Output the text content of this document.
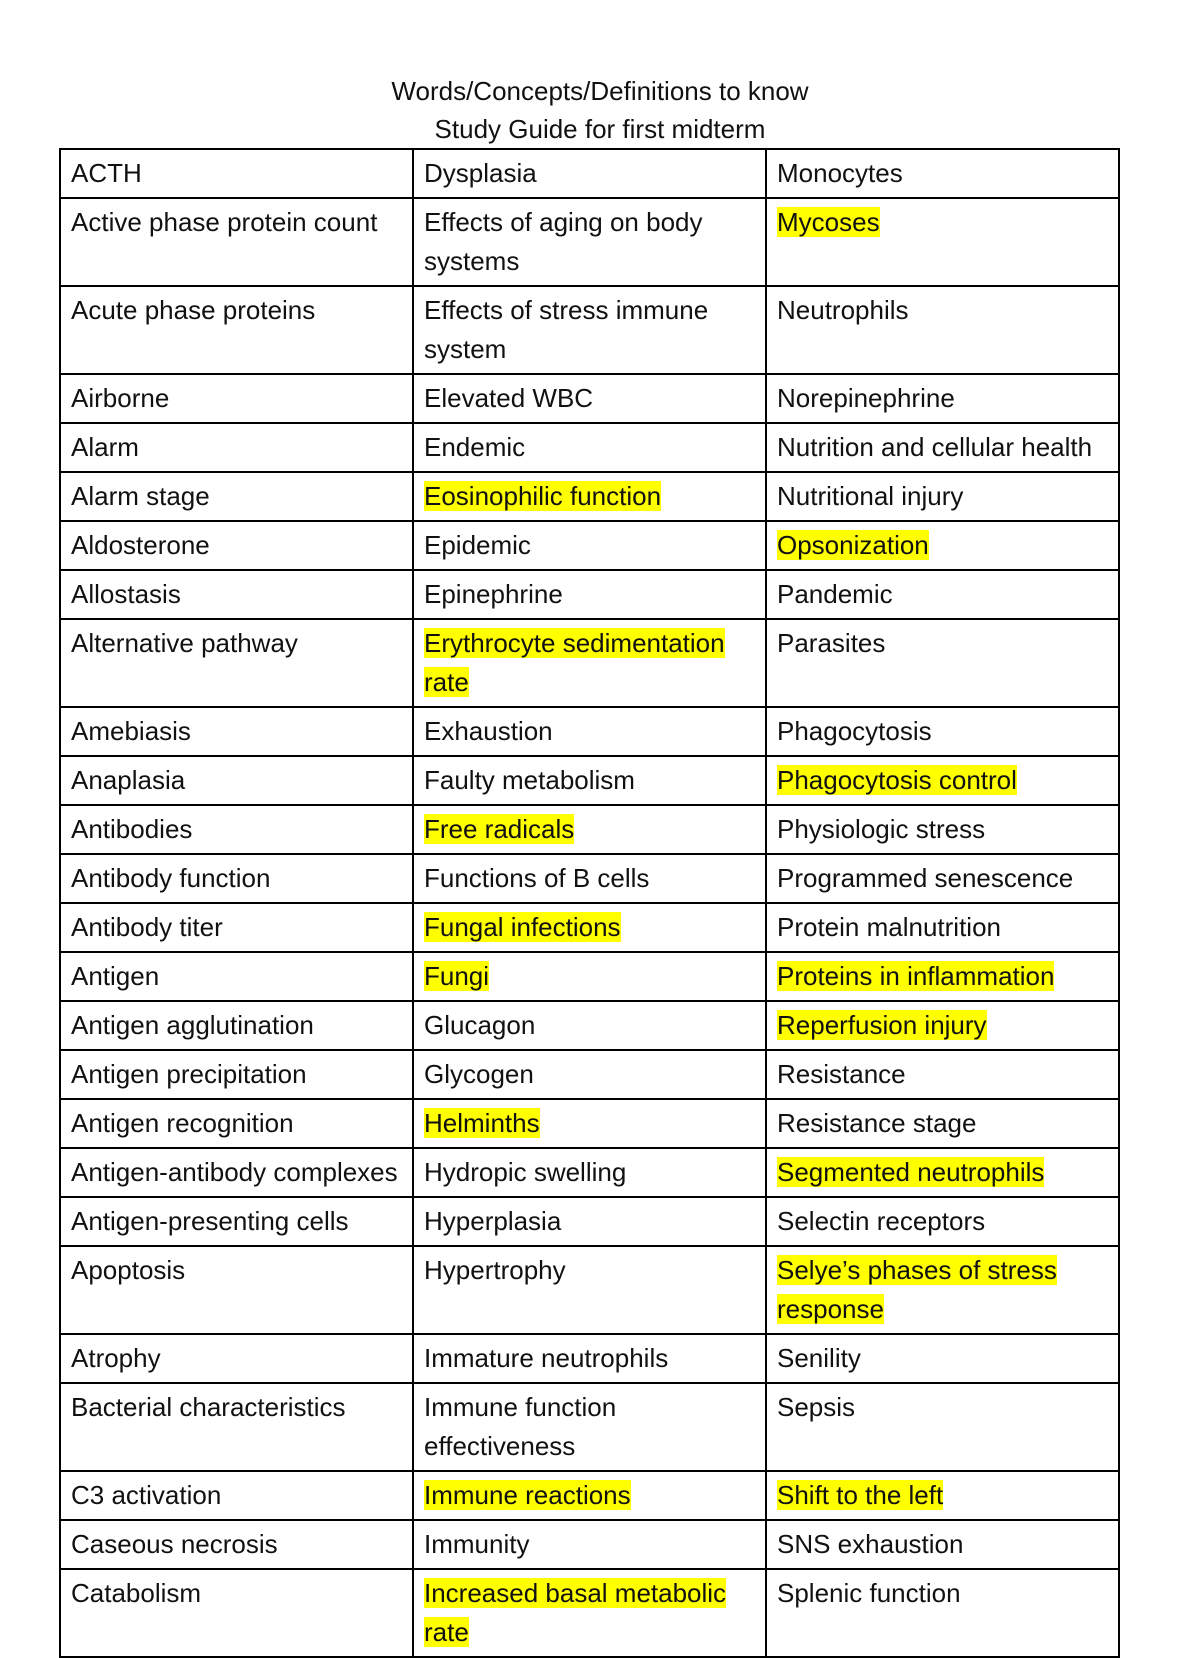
Words/Concepts/Definitions to know
Study Guide for first midterm
ACTH	Dysplasia	Monocytes
Active phase protein count	Effects of aging on body systems	Mycoses
Acute phase proteins	Effects of stress immune system	Neutrophils
Airborne	Elevated WBC	Norepinephrine
Alarm	Endemic	Nutrition and cellular health
Alarm stage	Eosinophilic function	Nutritional injury
Aldosterone	Epidemic	Opsonization
Allostasis	Epinephrine	Pandemic
Alternative pathway	Erythrocyte sedimentation rate	Parasites
Amebiasis	Exhaustion	Phagocytosis
Anaplasia	Faulty metabolism	Phagocytosis control
Antibodies	Free radicals	Physiologic stress
Antibody function	Functions of B cells	Programmed senescence
Antibody titer	Fungal infections	Protein malnutrition
Antigen	Fungi	Proteins in inflammation
Antigen agglutination	Glucagon	Reperfusion injury
Antigen precipitation	Glycogen	Resistance
Antigen recognition	Helminths	Resistance stage
Antigen-antibody complexes	Hydropic swelling	Segmented neutrophils
Antigen-presenting cells	Hyperplasia	Selectin receptors
Apoptosis	Hypertrophy	Selye’s phases of stress response
Atrophy	Immature neutrophils	Senility
Bacterial characteristics	Immune function effectiveness	Sepsis
C3 activation	Immune reactions	Shift to the left
Caseous necrosis	Immunity	SNS exhaustion
Catabolism	Increased basal metabolic rate	Splenic function
